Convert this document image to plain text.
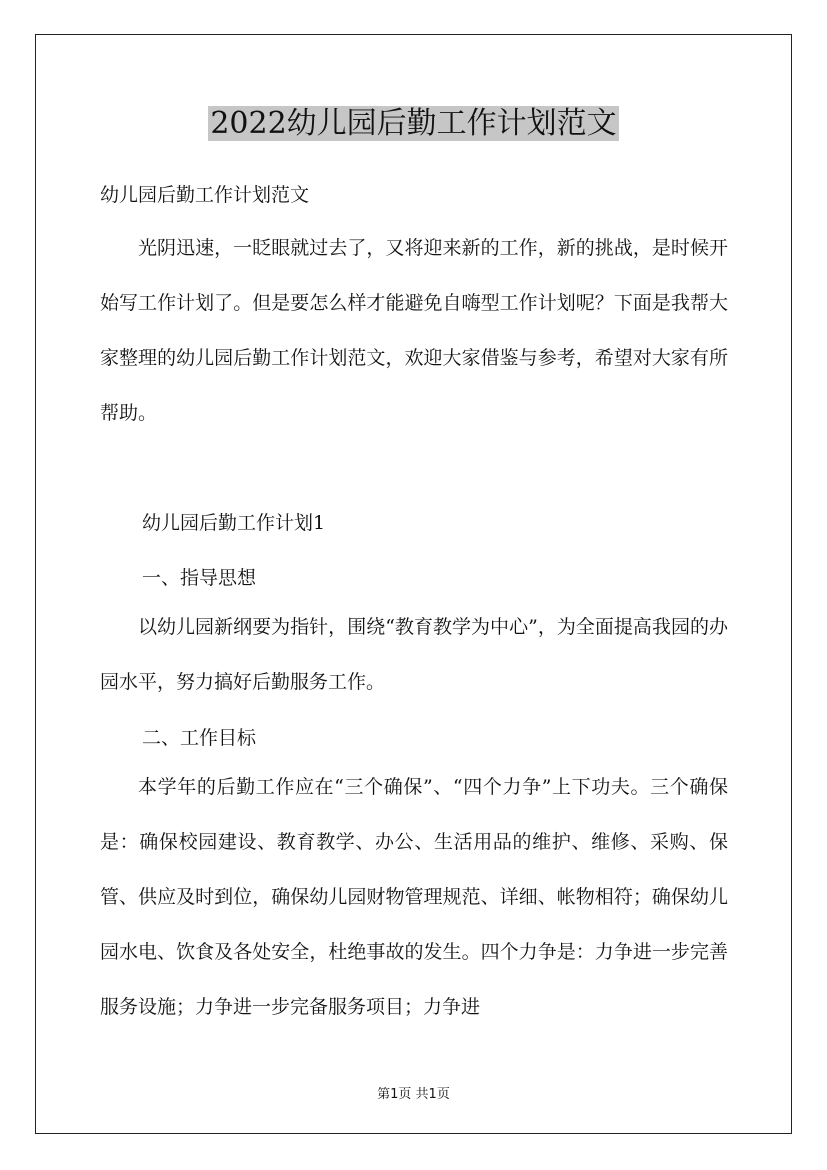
2022幼儿园后勤工作计划范文
幼儿园后勤工作计划范文
光阴迅速，一眨眼就过去了，又将迎来新的工作，新的挑战，是时候开始写工作计划了。但是要怎么样才能避免自嗨型工作计划呢？下面是我帮大家整理的幼儿园后勤工作计划范文，欢迎大家借鉴与参考，希望对大家有所帮助。
幼儿园后勤工作计划1
一、指导思想
以幼儿园新纲要为指针，围绕“教育教学为中心”，为全面提高我园的办园水平，努力搞好后勤服务工作。
二、工作目标
本学年的后勤工作应在“三个确保”、“四个力争”上下功夫。三个确保是：确保校园建设、教育教学、办公、生活用品的维护、维修、采购、保管、供应及时到位，确保幼儿园财物管理规范、详细、帐物相符；确保幼儿园水电、饮食及各处安全，杜绝事故的发生。四个力争是：力争进一步完善服务设施；力争进一步完备服务项目；力争进
第1页 共1页
